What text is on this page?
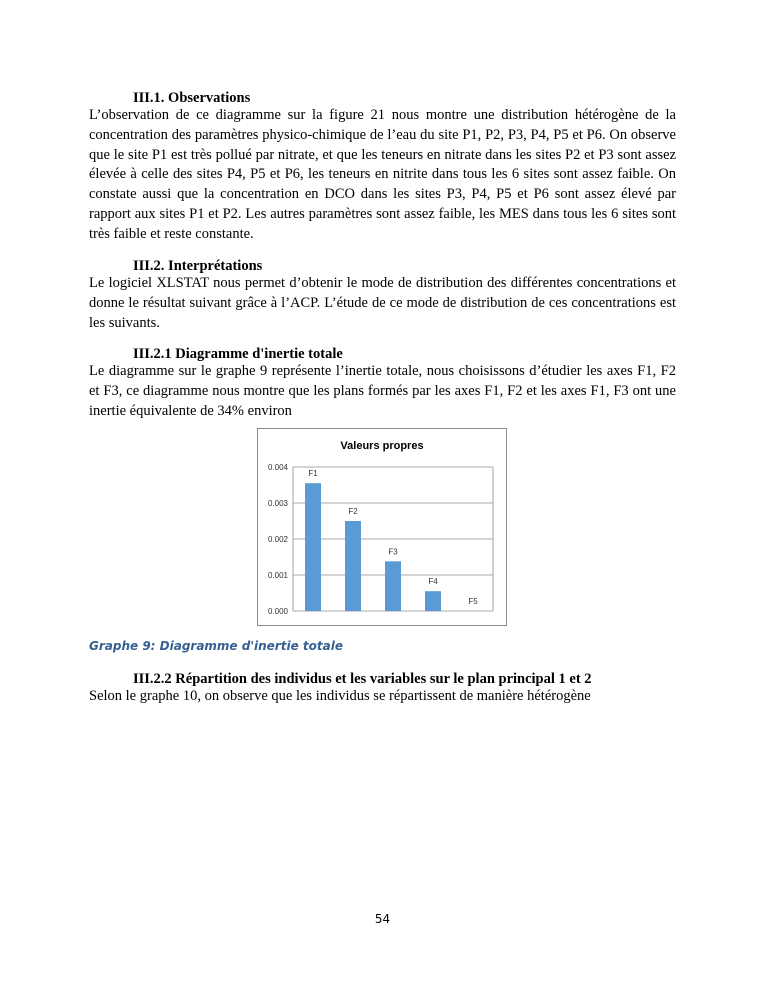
III.1. Observations
L’observation de ce diagramme sur la figure 21 nous montre une distribution hétérogène de la concentration des paramètres physico-chimique de l’eau du site P1, P2, P3, P4, P5 et P6. On observe que le site P1 est très pollué par nitrate, et que les teneurs en nitrate dans les sites P2 et P3 sont assez élevée à celle des sites P4, P5 et P6, les teneurs en nitrite dans tous les 6 sites sont assez faible. On constate aussi que la concentration en DCO dans les sites P3, P4, P5 et P6 sont assez élevé par rapport aux sites P1 et P2. Les autres paramètres sont assez faible, les MES dans tous les 6 sites sont très faible et reste constante.
III.2. Interprétations
Le logiciel XLSTAT nous permet d’obtenir le mode de distribution des différentes concentrations et donne le résultat suivant grâce à l’ACP. L’étude de ce mode de distribution de ces concentrations est les suivants.
III.2.1 Diagramme d'inertie totale
Le diagramme sur le graphe 9 représente l’inertie totale, nous choisissons d’étudier les axes F1, F2 et F3, ce diagramme nous montre que les plans formés par les axes F1, F2 et les axes F1, F3 ont une inertie équivalente de 34% environ
Valeurs propres
0.000
0.001
0.002
0.003
0.004
F1
F2
F3
F4
F5
Graphe 9: Diagramme d'inertie totale
III.2.2 Répartition des individus et les variables sur le plan principal 1 et 2
Selon le graphe 10, on observe que les individus se répartissent de manière hétérogène
54
